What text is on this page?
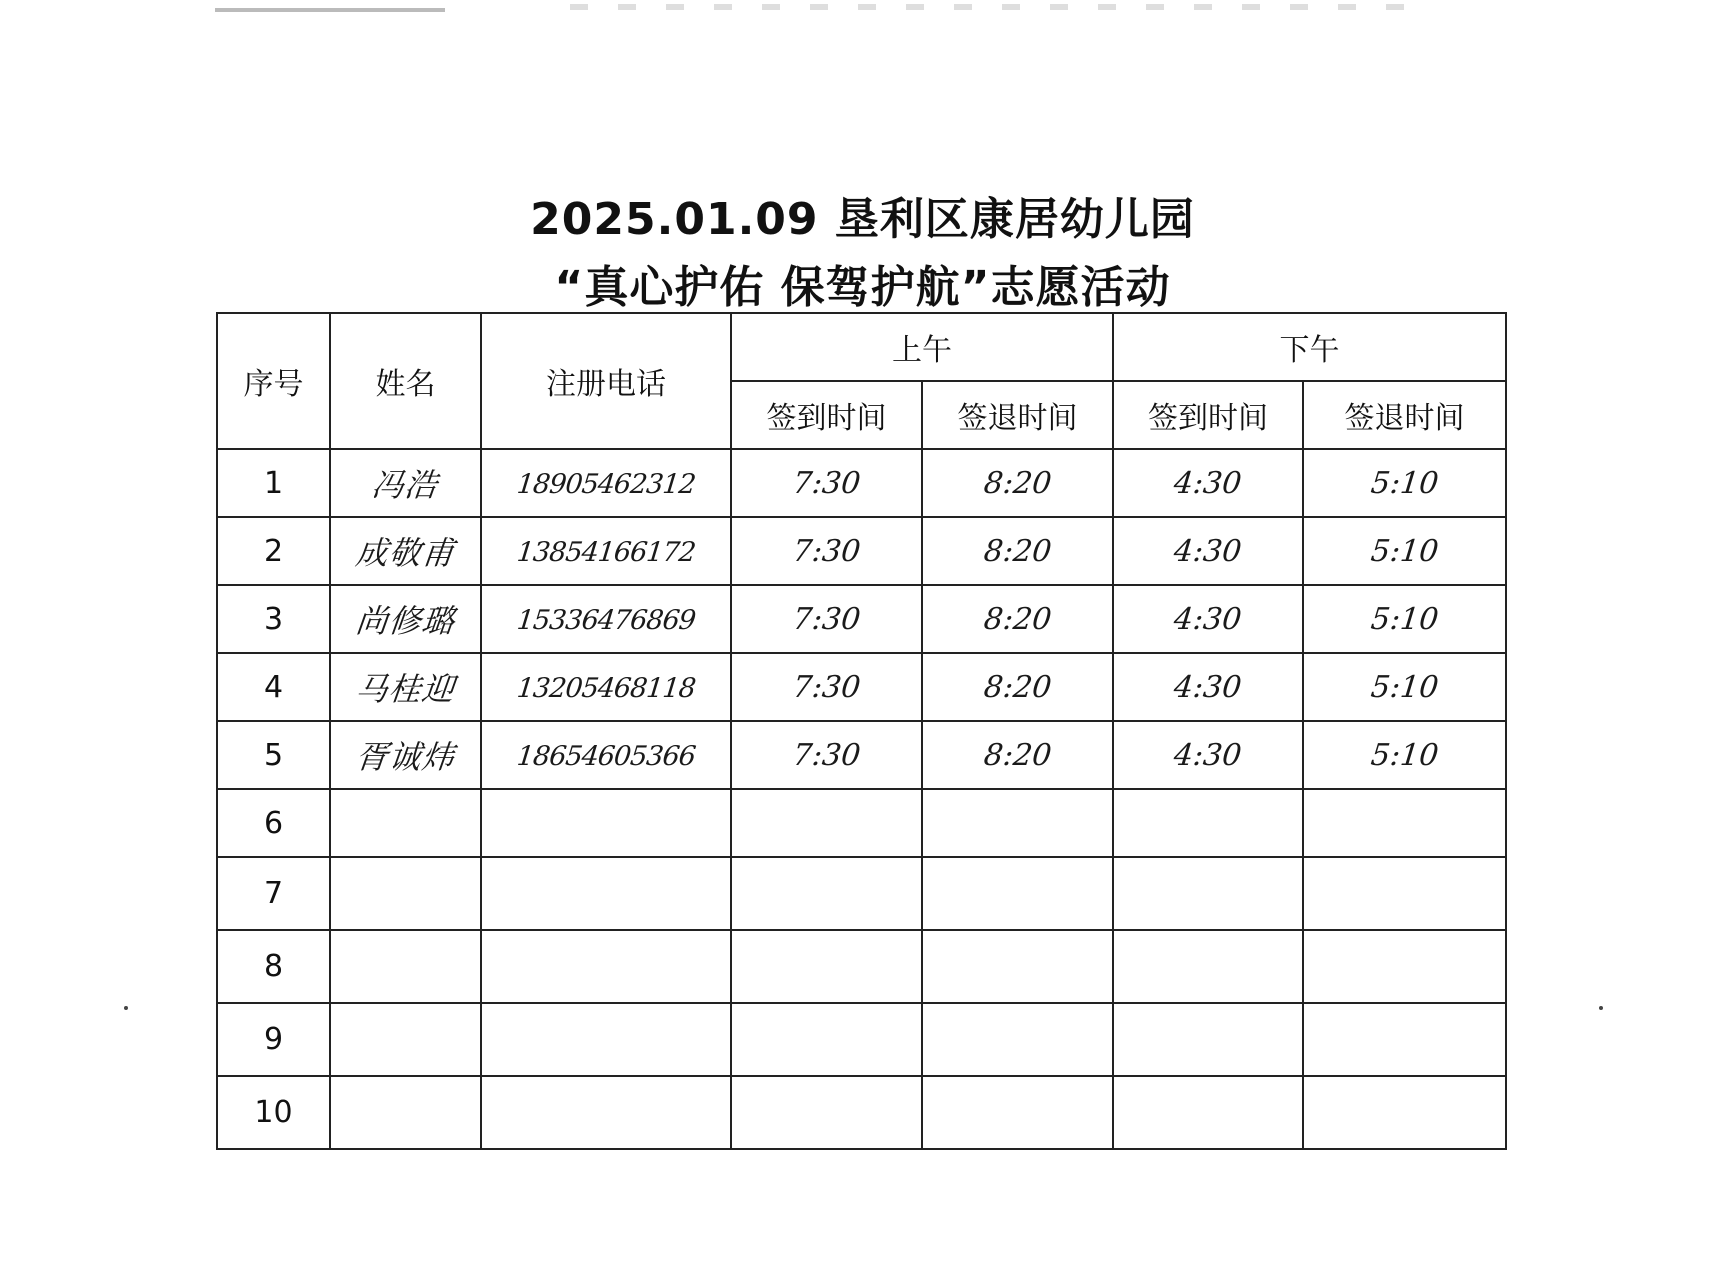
2025.01.09 垦利区康居幼儿园
“真心护佑 保驾护航”志愿活动
序号	姓名	注册电话	上午		下午	
			签到时间	签退时间	签到时间	签退时间
1	冯浩	18905462312	7:30	8:20	4:30	5:10
2	成敬甫	13854166172	7:30	8:20	4:30	5:10
3	尚修璐	15336476869	7:30	8:20	4:30	5:10
4	马桂迎	13205468118	7:30	8:20	4:30	5:10
5	胥诚炜	18654605366	7:30	8:20	4:30	5:10
6						
7						
8						
9						
10						
